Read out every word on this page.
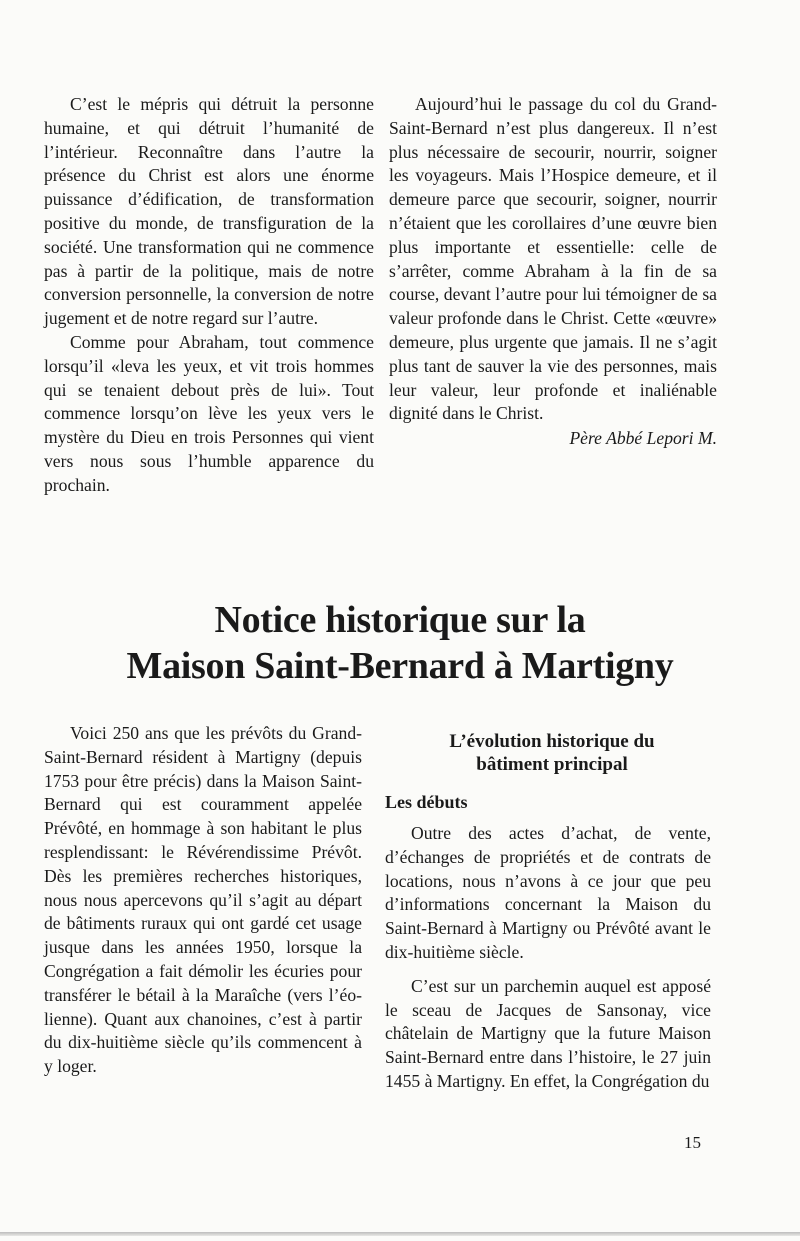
C’est le mépris qui détruit la personne humaine, et qui détruit l’humanité de l’intérieur. Reconnaître dans l’autre la présence du Christ est alors une énorme puissance d’édification, de transformation positive du monde, de transfiguration de la société. Une transformation qui ne commence pas à partir de la politique, mais de notre conversion personnelle, la conversion de notre jugement et de notre regard sur l’autre.

Comme pour Abraham, tout commence lorsqu’il «leva les yeux, et vit trois hommes qui se tenaient debout près de lui». Tout commence lorsqu’on lève les yeux vers le mystère du Dieu en trois Personnes qui vient vers nous sous l’humble apparence du prochain.

Aujourd’hui le passage du col du Grand-Saint-Bernard n’est plus dangereux. Il n’est plus nécessaire de secourir, nourrir, soigner les voyageurs. Mais l’Hospice demeure, et il demeure parce que secourir, soigner, nourrir n’étaient que les corollaires d’une œuvre bien plus importante et essentielle: celle de s’arrêter, comme Abraham à la fin de sa course, devant l’autre pour lui témoigner de sa valeur profonde dans le Christ. Cette «œuvre» demeure, plus urgente que jamais. Il ne s’agit plus tant de sauver la vie des personnes, mais leur valeur, leur profonde et inaliénable dignité dans le Christ.

Père Abbé Lepori M.

Notice historique sur la
Maison Saint-Bernard à Martigny

Voici 250 ans que les prévôts du Grand-Saint-Bernard résident à Martigny (depuis 1753 pour être précis) dans la Maison Saint-Bernard qui est couramment appelée Prévôté, en hommage à son habitant le plus resplendissant: le Révérendissime Prévôt. Dès les premières recherches historiques, nous nous apercevons qu’il s’agit au départ de bâtiments ruraux qui ont gardé cet usage jusque dans les années 1950, lorsque la Congrégation a fait démolir les écuries pour transférer le bétail à la Maraîche (vers l’éolienne). Quant aux chanoines, c’est à partir du dix-huitième siècle qu’ils commencent à y loger.

L’évolution historique du
bâtiment principal
Les débuts

Outre des actes d’achat, de vente, d’échanges de propriétés et de contrats de locations, nous n’avons à ce jour que peu d’informations concernant la Maison du Saint-Bernard à Martigny ou Prévôté avant le dix-huitième siècle.

C’est sur un parchemin auquel est apposé le sceau de Jacques de Sansonay, vice châtelain de Martigny que la future Maison Saint-Bernard entre dans l’histoire, le 27 juin 1455 à Martigny. En effet, la Congrégation du

15
